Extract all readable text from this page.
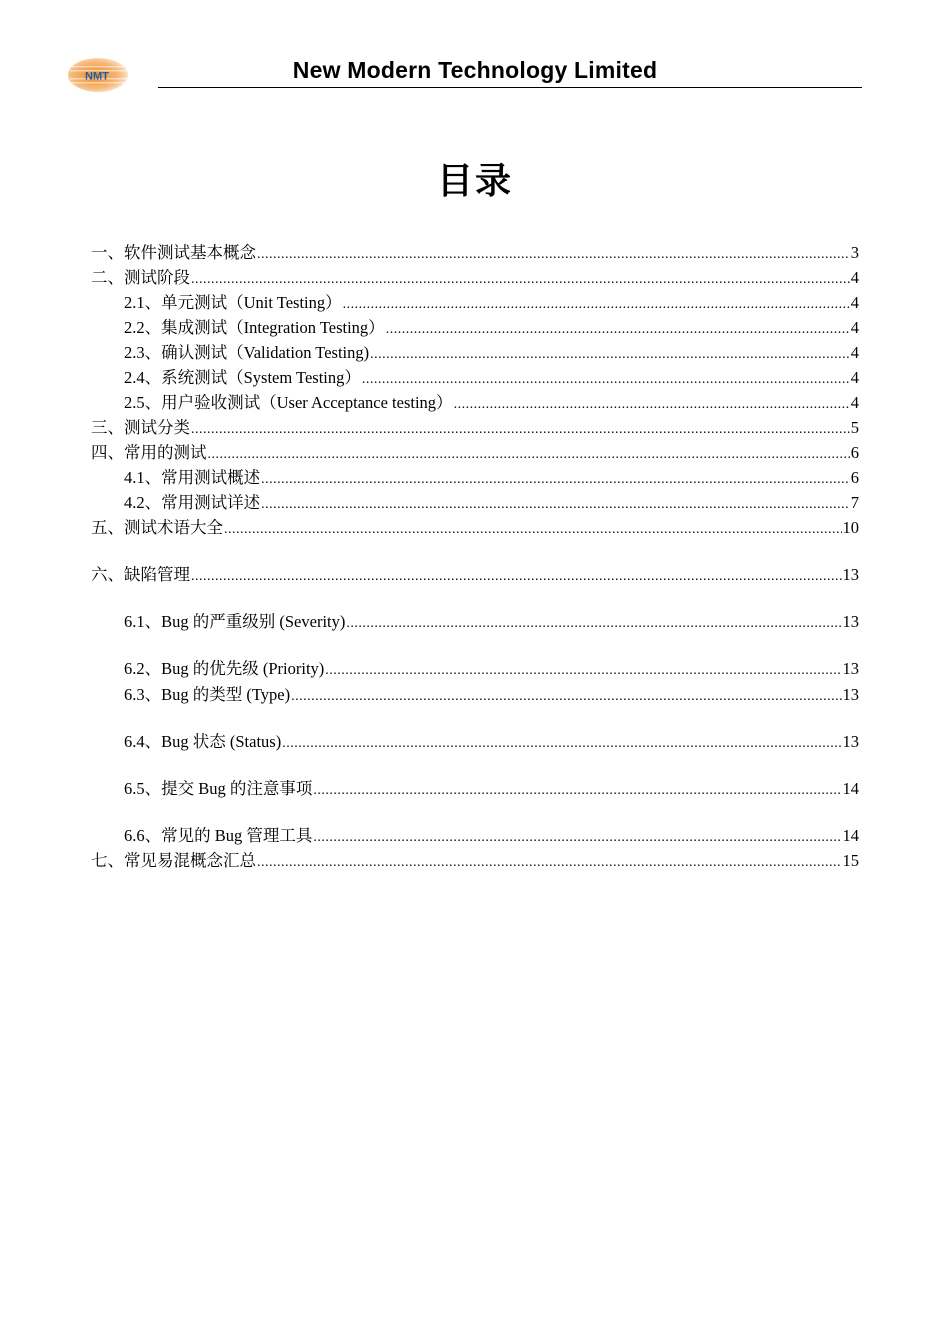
NMT	New Modern Technology Limited
目录
一、软件测试基本概念 .....	3
二、测试阶段 .....	4
2.1、单元测试（Unit Testing） .....	4
2.2、集成测试（Integration Testing） .....	4
2.3、确认测试（Validation Testing) .....	4
2.4、系统测试（System Testing） .....	4
2.5、用户验收测试（User Acceptance testing） .....	4
三、测试分类 .....	5
四、常用的测试 .....	6
4.1、常用测试概述 .....	6
4.2、常用测试详述 .....	7
五、测试术语大全 .....	10
六、缺陷管理 .....	13
6.1、Bug 的严重级别 (Severity) .....	13
6.2、Bug 的优先级 (Priority) .....	13
6.3、Bug 的类型 (Type) .....	13
6.4、Bug 状态 (Status) .....	13
6.5、提交 Bug 的注意事项 .....	14
6.6、常见的 Bug 管理工具 .....	14
七、常见易混概念汇总 .....	15
